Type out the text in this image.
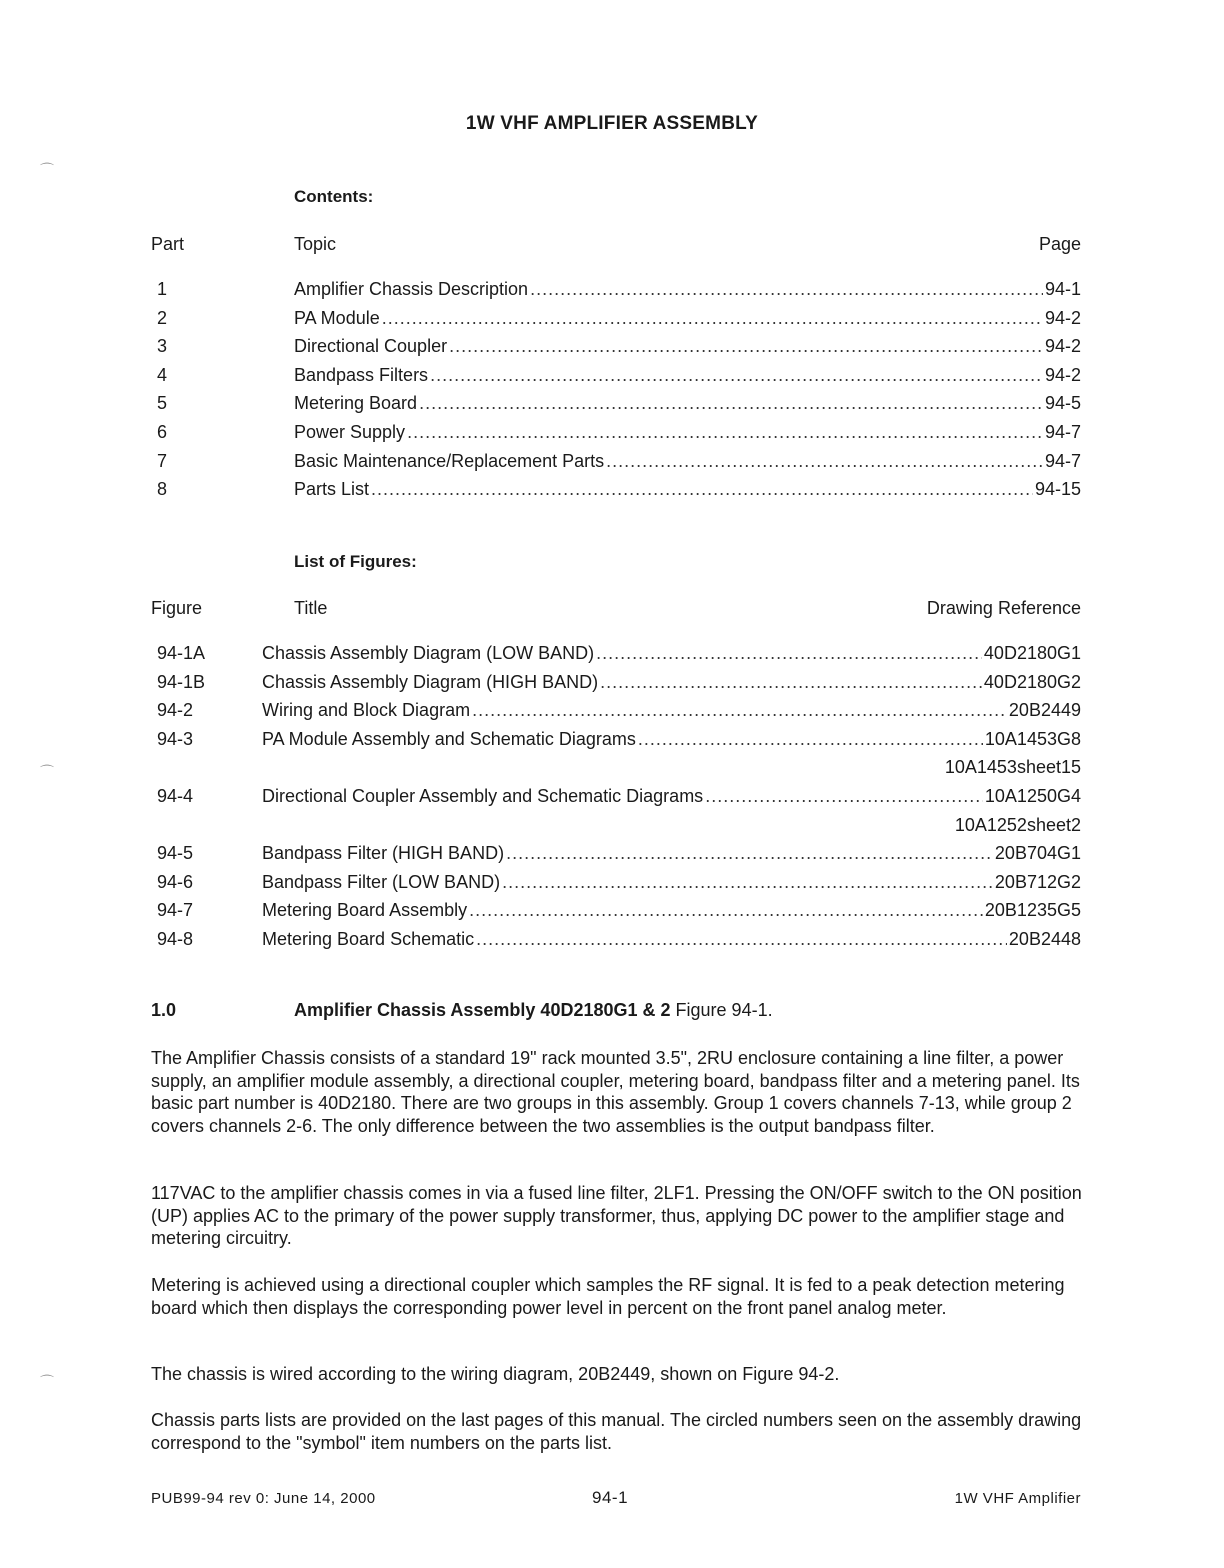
⌒
⌒
⌒
1W VHF AMPLIFIER ASSEMBLY
Contents:
Part	Topic	Page
1	Amplifier Chassis Description .....	94-1
2	PA Module .....	94-2
3	Directional Coupler .....	94-2
4	Bandpass Filters .....	94-2
5	Metering Board .....	94-5
6	Power Supply .....	94-7
7	Basic Maintenance/Replacement Parts .....	94-7
8	Parts List .....	94-15
List of Figures:
Figure	Title	Drawing Reference
94-1A	Chassis Assembly Diagram (LOW BAND) .....	40D2180G1
94-1B	Chassis Assembly Diagram (HIGH BAND) .....	40D2180G2
94-2	Wiring and Block Diagram .....	20B2449
94-3	PA Module Assembly and Schematic Diagrams .....	10A1453G8
10A1453sheet15
94-4	Directional Coupler Assembly and Schematic Diagrams .....	10A1250G4
10A1252sheet2
94-5	Bandpass Filter (HIGH BAND) .....	20B704G1
94-6	Bandpass Filter (LOW BAND) .....	20B712G2
94-7	Metering Board Assembly .....	20B1235G5
94-8	Metering Board Schematic .....	20B2448
1.0	Amplifier Chassis Assembly 40D2180G1 & 2 Figure 94-1.

The Amplifier Chassis consists of a standard 19" rack mounted 3.5", 2RU enclosure containing a line filter, a power supply, an amplifier module assembly, a directional coupler, metering board, bandpass filter and a metering panel. Its basic part number is 40D2180. There are two groups in this assembly. Group 1 covers channels 7-13, while group 2 covers channels 2-6. The only difference between the two assemblies is the output bandpass filter.

117VAC to the amplifier chassis comes in via a fused line filter, 2LF1. Pressing the ON/OFF switch to the ON position (UP) applies AC to the primary of the power supply transformer, thus, applying DC power to the amplifier stage and metering circuitry.

Metering is achieved using a directional coupler which samples the RF signal. It is fed to a peak detection metering board which then displays the corresponding power level in percent on the front panel analog meter.

The chassis is wired according to the wiring diagram, 20B2449, shown on Figure 94-2.

Chassis parts lists are provided on the last pages of this manual. The circled numbers seen on the assembly drawing correspond to the "symbol" item numbers on the parts list.

PUB99-94 rev 0: June 14, 2000	94-1	1W VHF Amplifier
